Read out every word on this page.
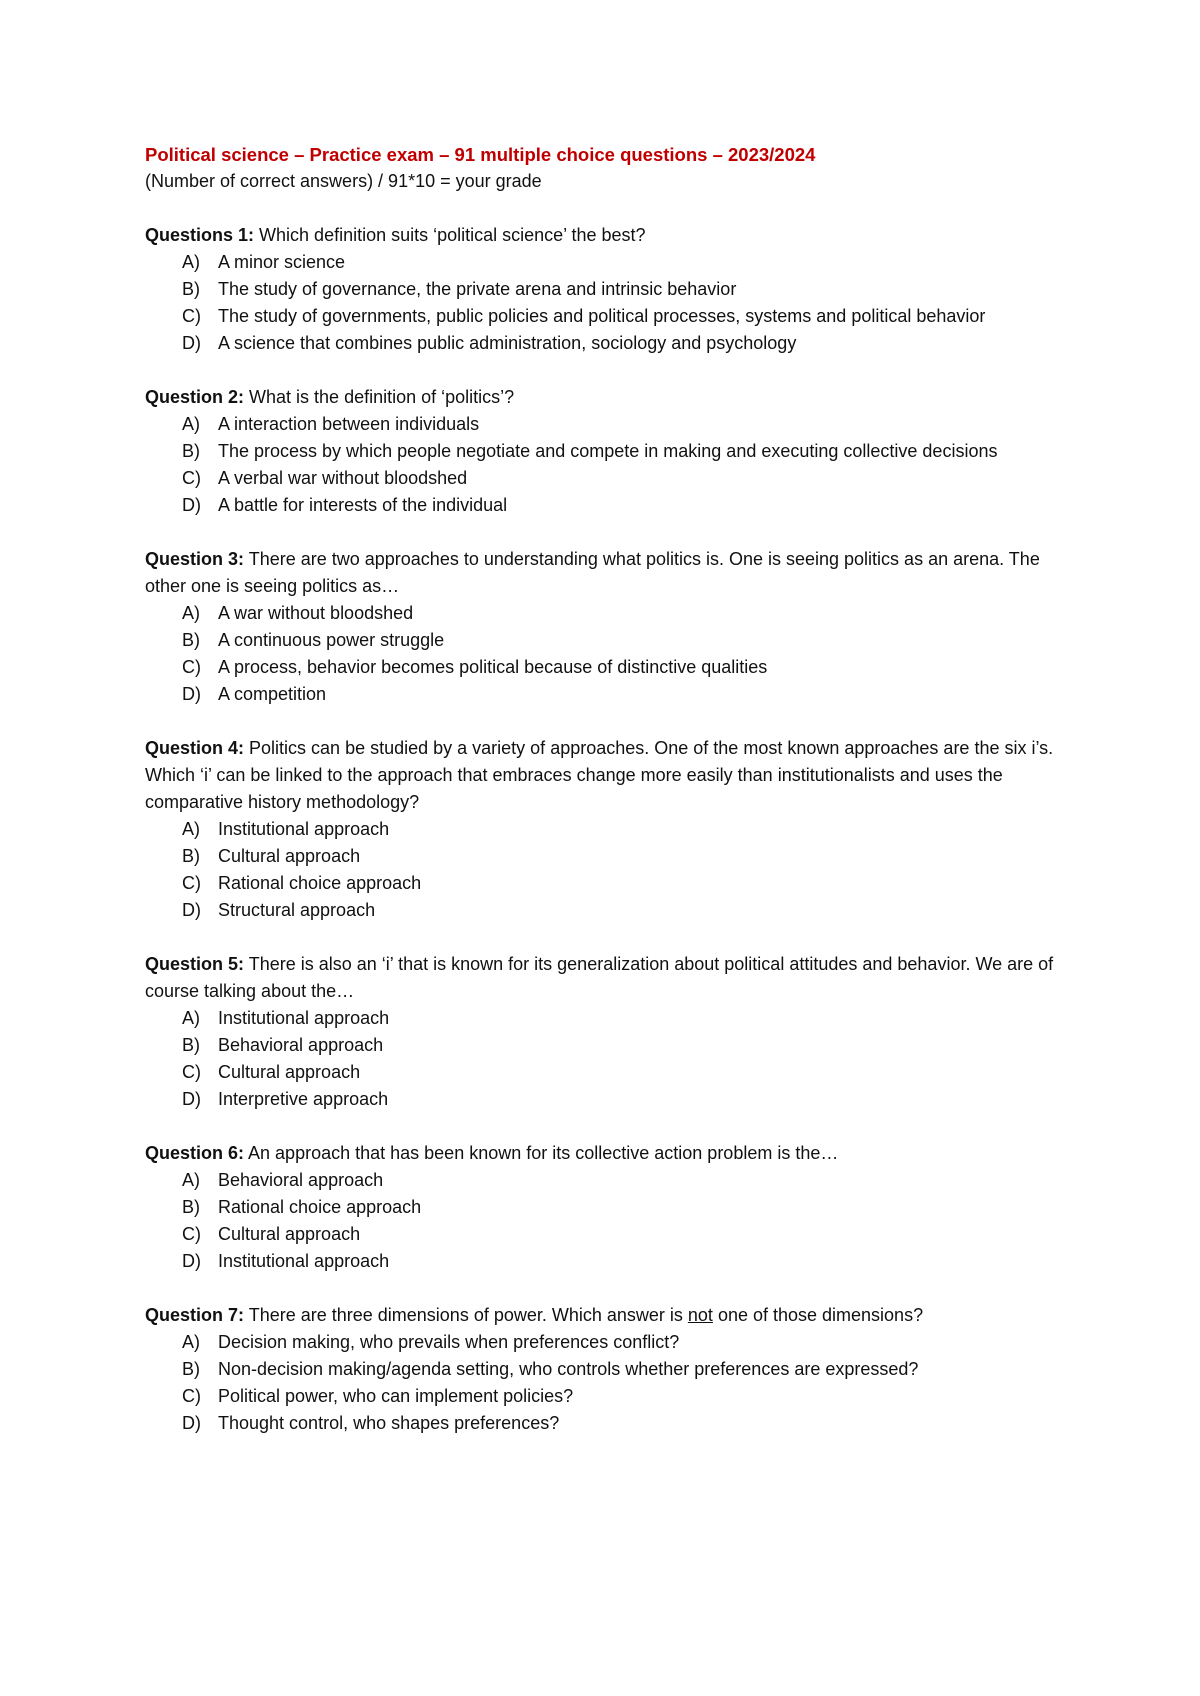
Political science – Practice exam – 91 multiple choice questions – 2023/2024

(Number of correct answers) / 91*10 = your grade

Questions 1: Which definition suits ‘political science’ the best?

A) A minor science
B) The study of governance, the private arena and intrinsic behavior
C) The study of governments, public policies and political processes, systems and political behavior
D) A science that combines public administration, sociology and psychology

Question 2: What is the definition of ‘politics’?

A) A interaction between individuals
B) The process by which people negotiate and compete in making and executing collective decisions
C) A verbal war without bloodshed
D) A battle for interests of the individual

Question 3: There are two approaches to understanding what politics is. One is seeing politics as an arena. The other one is seeing politics as…

A) A war without bloodshed
B) A continuous power struggle
C) A process, behavior becomes political because of distinctive qualities
D) A competition

Question 4: Politics can be studied by a variety of approaches. One of the most known approaches are the six i’s. Which ‘i’ can be linked to the approach that embraces change more easily than institutionalists and uses the comparative history methodology?

A) Institutional approach
B) Cultural approach
C) Rational choice approach
D) Structural approach

Question 5: There is also an ‘i’ that is known for its generalization about political attitudes and behavior. We are of course talking about the…

A) Institutional approach
B) Behavioral approach
C) Cultural approach
D) Interpretive approach

Question 6: An approach that has been known for its collective action problem is the…

A) Behavioral approach
B) Rational choice approach
C) Cultural approach
D) Institutional approach

Question 7: There are three dimensions of power. Which answer is not one of those dimensions?

A) Decision making, who prevails when preferences conflict?
B) Non-decision making/agenda setting, who controls whether preferences are expressed?
C) Political power, who can implement policies?
D) Thought control, who shapes preferences?
